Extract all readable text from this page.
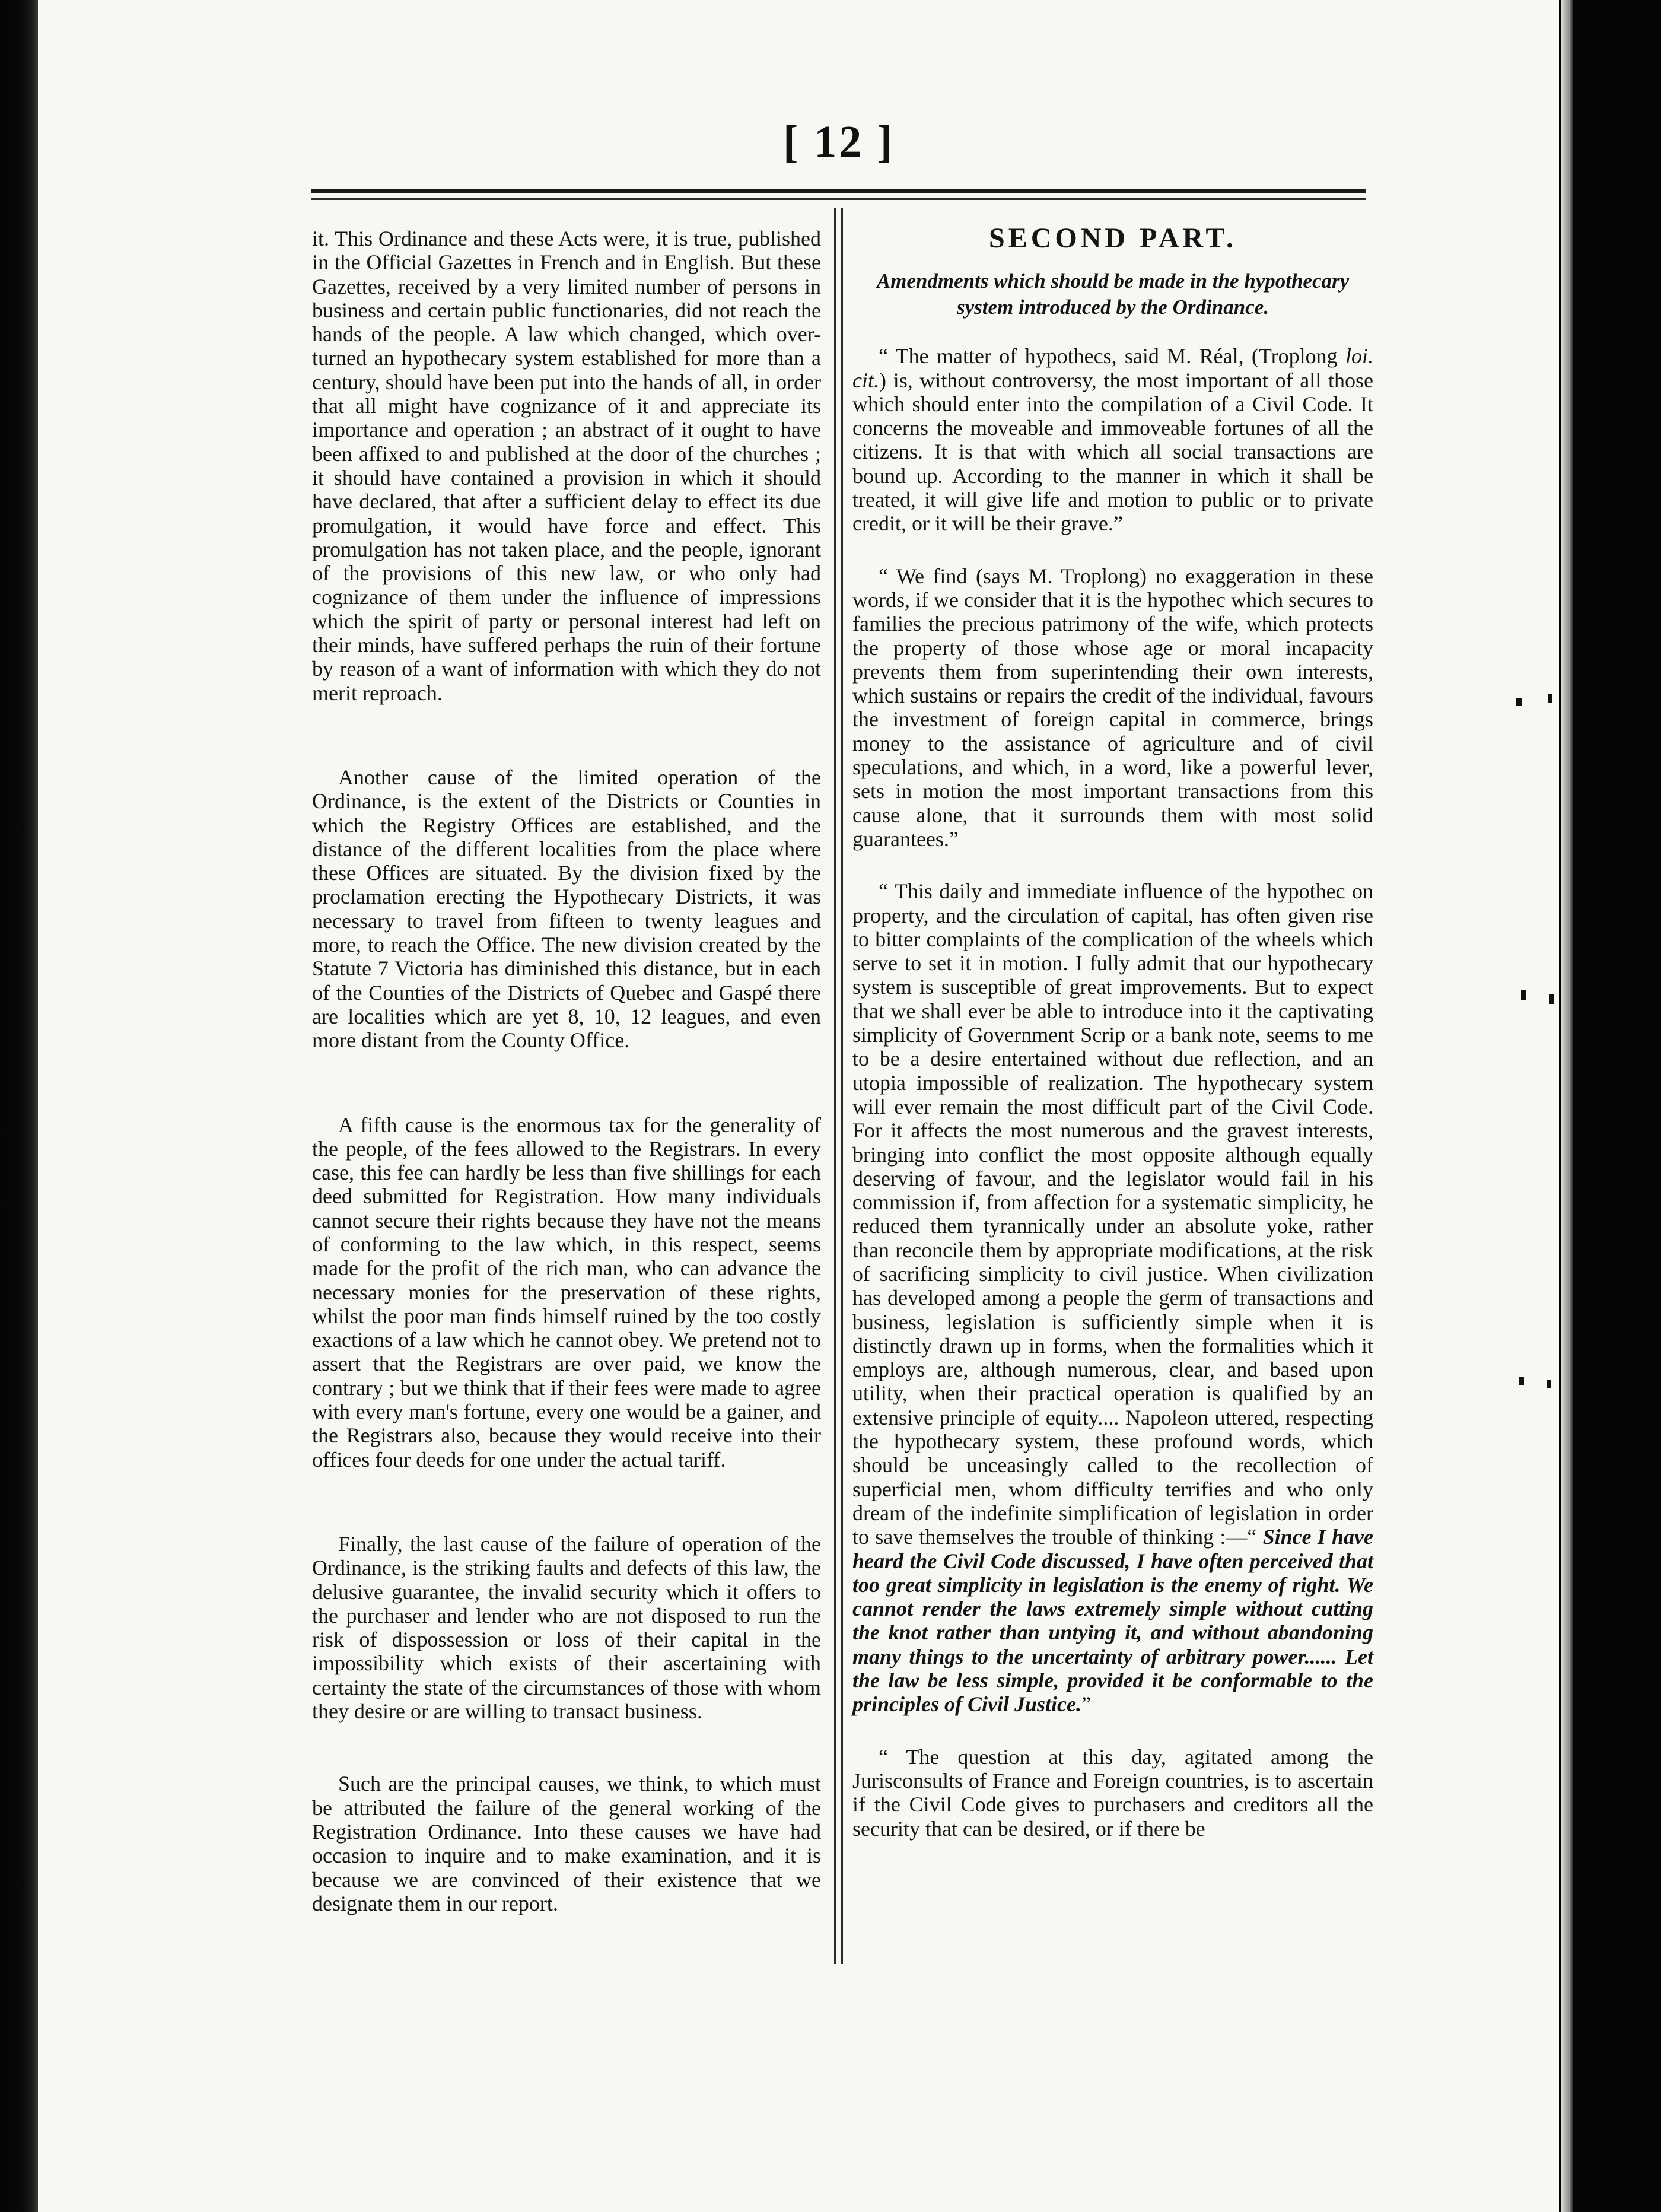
[ 12 ]

it. This Ordinance and these Acts were, it is true, published in the Official Gazettes in French and in English. But these Gazettes, received by a very limited number of persons in business and certain public functionaries, did not reach the hands of the people. A law which changed, which over-turned an hypothecary system established for more than a century, should have been put into the hands of all, in order that all might have cognizance of it and appreciate its importance and operation ; an abstract of it ought to have been affixed to and published at the door of the churches ; it should have contained a provision in which it should have declared, that after a sufficient delay to effect its due promulgation, it would have force and effect. This promulgation has not taken place, and the people, ignorant of the provisions of this new law, or who only had cognizance of them under the influence of impressions which the spirit of party or personal interest had left on their minds, have suffered perhaps the ruin of their fortune by reason of a want of information with which they do not merit reproach.

Another cause of the limited operation of the Ordinance, is the extent of the Districts or Counties in which the Registry Offices are established, and the distance of the different localities from the place where these Offices are situated. By the division fixed by the proclamation erecting the Hypothecary Districts, it was necessary to travel from fifteen to twenty leagues and more, to reach the Office. The new division created by the Statute 7 Victoria has diminished this distance, but in each of the Counties of the Districts of Quebec and Gaspé there are localities which are yet 8, 10, 12 leagues, and even more distant from the County Office.

A fifth cause is the enormous tax for the generality of the people, of the fees allowed to the Registrars. In every case, this fee can hardly be less than five shillings for each deed submitted for Registration. How many individuals cannot secure their rights because they have not the means of conforming to the law which, in this respect, seems made for the profit of the rich man, who can advance the necessary monies for the preservation of these rights, whilst the poor man finds himself ruined by the too costly exactions of a law which he cannot obey. We pretend not to assert that the Registrars are over paid, we know the contrary ; but we think that if their fees were made to agree with every man's fortune, every one would be a gainer, and the Registrars also, because they would receive into their offices four deeds for one under the actual tariff.

Finally, the last cause of the failure of operation of the Ordinance, is the striking faults and defects of this law, the delusive guarantee, the invalid security which it offers to the purchaser and lender who are not disposed to run the risk of dispossession or loss of their capital in the impossibility which exists of their ascertaining with certainty the state of the circumstances of those with whom they desire or are willing to transact business.

Such are the principal causes, we think, to which must be attributed the failure of the general working of the Registration Ordinance. Into these causes we have had occasion to inquire and to make examination, and it is because we are convinced of their existence that we designate them in our report.

SECOND PART.

Amendments which should be made in the hypothecary system introduced by the Ordinance.

“ The matter of hypothecs, said M. Réal, (Troplong loi. cit.) is, without controversy, the most important of all those which should enter into the compilation of a Civil Code. It concerns the moveable and immoveable fortunes of all the citizens. It is that with which all social transactions are bound up. According to the manner in which it shall be treated, it will give life and motion to public or to private credit, or it will be their grave.”

“ We find (says M. Troplong) no exaggeration in these words, if we consider that it is the hypothec which secures to families the precious patrimony of the wife, which protects the property of those whose age or moral incapacity prevents them from superintending their own interests, which sustains or repairs the credit of the individual, favours the investment of foreign capital in commerce, brings money to the assistance of agriculture and of civil speculations, and which, in a word, like a powerful lever, sets in motion the most important transactions from this cause alone, that it surrounds them with most solid guarantees.”

“ This daily and immediate influence of the hypothec on property, and the circulation of capital, has often given rise to bitter complaints of the complication of the wheels which serve to set it in motion. I fully admit that our hypothecary system is susceptible of great improvements. But to expect that we shall ever be able to introduce into it the captivating simplicity of Government Scrip or a bank note, seems to me to be a desire entertained without due reflection, and an utopia impossible of realization. The hypothecary system will ever remain the most difficult part of the Civil Code. For it affects the most numerous and the gravest interests, bringing into conflict the most opposite although equally deserving of favour, and the legislator would fail in his commission if, from affection for a systematic simplicity, he reduced them tyrannically under an absolute yoke, rather than reconcile them by appropriate modifications, at the risk of sacrificing simplicity to civil justice. When civilization has developed among a people the germ of transactions and business, legislation is sufficiently simple when it is distinctly drawn up in forms, when the formalities which it employs are, although numerous, clear, and based upon utility, when their practical operation is qualified by an extensive principle of equity.... Napoleon uttered, respecting the hypothecary system, these profound words, which should be unceasingly called to the recollection of superficial men, whom difficulty terrifies and who only dream of the indefinite simplification of legislation in order to save themselves the trouble of thinking :—“ Since I have heard the Civil Code discussed, I have often perceived that too great simplicity in legislation is the enemy of right. We cannot render the laws extremely simple without cutting the knot rather than untying it, and without abandoning many things to the uncertainty of arbitrary power...... Let the law be less simple, provided it be conformable to the principles of Civil Justice.”

“ The question at this day, agitated among the Jurisconsults of France and Foreign countries, is to ascertain if the Civil Code gives to purchasers and creditors all the security that can be desired, or if there be
